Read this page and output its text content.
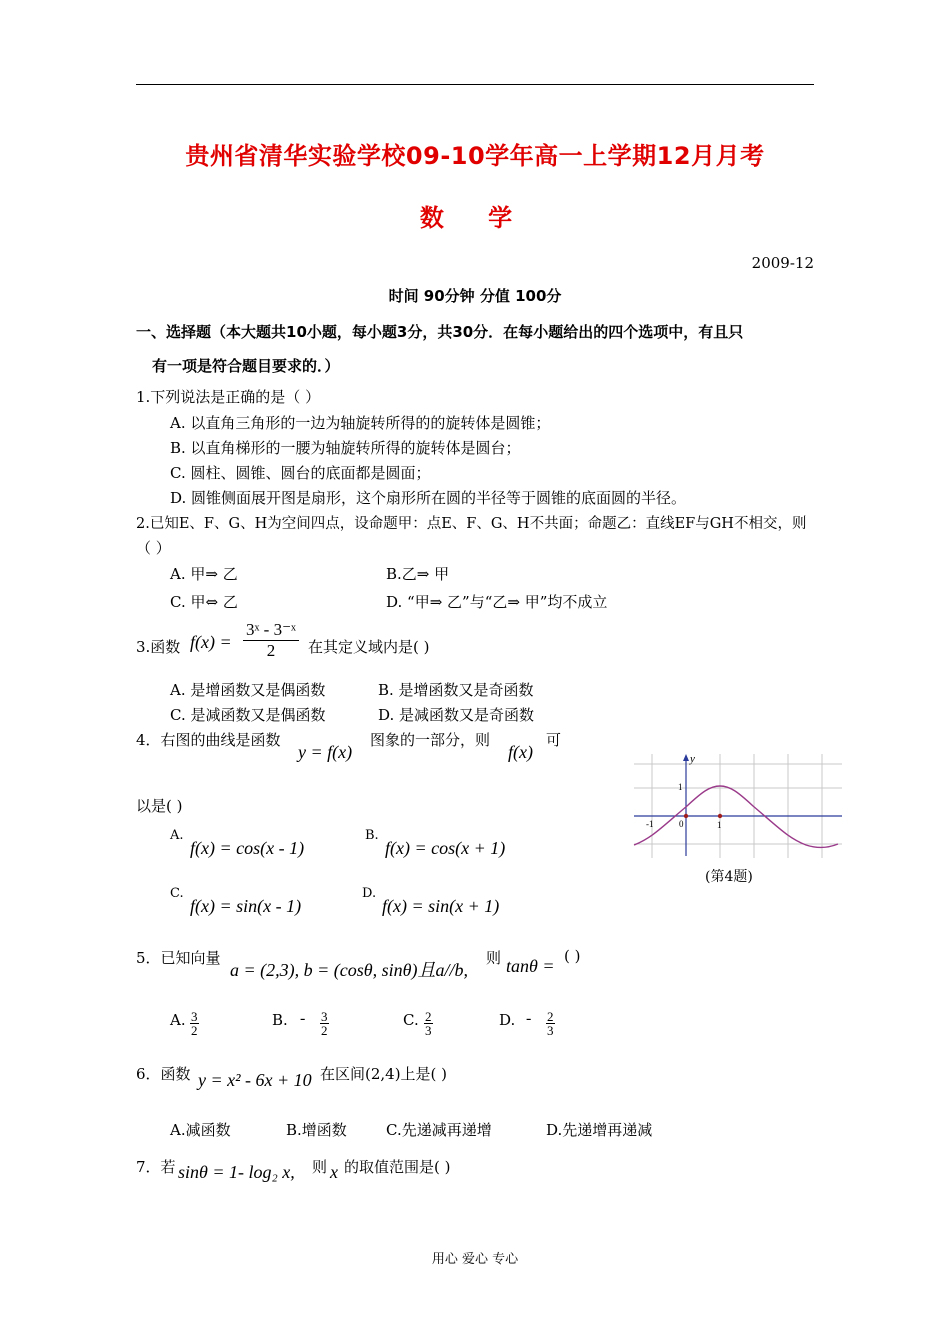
贵州省清华实验学校09-10学年高一上学期12月月考
数 学
2009-12
时间 90分钟 分值 100分
一、选择题（本大题共10小题，每小题3分，共30分．在每小题给出的四个选项中，有且只
有一项是符合题目要求的．）
1.下列说法是正确的是（ ）
A. 以直角三角形的一边为轴旋转所得的的旋转体是圆锥；
B. 以直角梯形的一腰为轴旋转所得的旋转体是圆台；
C. 圆柱、圆锥、圆台的底面都是圆面；
D. 圆锥侧面展开图是扇形，这个扇形所在圆的半径等于圆锥的底面圆的半径。
2.已知E、F、G、H为空间四点，设命题甲：点E、F、G、H不共面；命题乙：直线EF与GH不相交，则
（ ）
A. 甲⇒ 乙	B.乙⇒ 甲
C. 甲⇔ 乙	D. “甲⇒ 乙”与“乙⇒ 甲”均不成立
3.函数 $f(x) = \frac{\text{3ˣ - 3⁻ˣ}}{2}$ 在其定义域内是( )
A. 是增函数又是偶函数	B. 是增函数又是奇函数
C. 是减函数又是偶函数	D. 是减函数又是奇函数
4．右图的曲线是函数
y = f(x)
图象的一部分，则
f(x)
可
以是( )
A.
f(x) = cos(x - 1)
B.
f(x) = cos(x + 1)
C.
f(x) = sin(x - 1)
D.
f(x) = sin(x + 1)
y
1
-1	0	1
(第4题)
5．已知向量
a = (2,3), b = (cosθ, sinθ)且a//b,
则 tanθ = ( )
A. $\frac{3}{2}$	B. - $\frac{3}{2}$	C. $\frac{2}{3}$	D. - $\frac{2}{3}$
6．函数 y = x² - 6x + 10 在区间(2,4)上是( )
A.减函数	B.增函数	C.先递减再递增	D.先递增再递减
7．若 sinθ = 1- log₂ x, 则 x 的取值范围是( )
用心 爱心 专心
